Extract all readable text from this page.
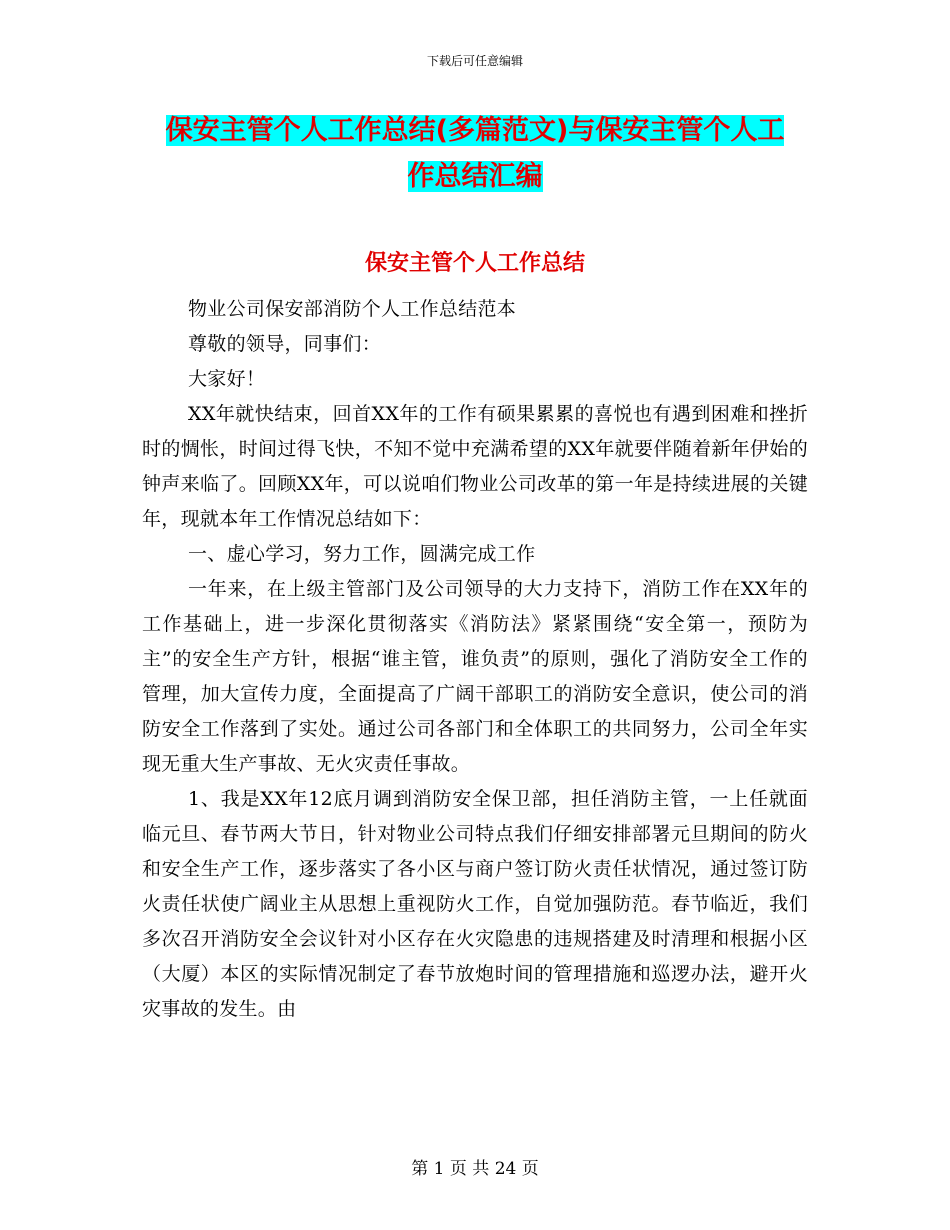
下载后可任意编辑
保安主管个人工作总结(多篇范文)与保安主管个人工
作总结汇编
保安主管个人工作总结

物业公司保安部消防个人工作总结范本

尊敬的领导，同事们：

大家好！

XX年就快结束，回首XX年的工作有硕果累累的喜悦也有遇到困难和挫折时的惆怅，时间过得飞快，不知不觉中充满希望的XX年就要伴随着新年伊始的钟声来临了。回顾XX年，可以说咱们物业公司改革的第一年是持续进展的关键年，现就本年工作情况总结如下：

一、虚心学习，努力工作，圆满完成工作

一年来，在上级主管部门及公司领导的大力支持下，消防工作在XX年的工作基础上，进一步深化贯彻落实《消防法》紧紧围绕“安全第一，预防为主”的安全生产方针，根据“谁主管，谁负责”的原则，强化了消防安全工作的管理，加大宣传力度，全面提高了广阔干部职工的消防安全意识，使公司的消防安全工作落到了实处。通过公司各部门和全体职工的共同努力，公司全年实现无重大生产事故、无火灾责任事故。

1、我是XX年12底月调到消防安全保卫部，担任消防主管，一上任就面临元旦、春节两大节日，针对物业公司特点我们仔细安排部署元旦期间的防火和安全生产工作，逐步落实了各小区与商户签订防火责任状情况，通过签订防火责任状使广阔业主从思想上重视防火工作，自觉加强防范。春节临近，我们多次召开消防安全会议针对小区存在火灾隐患的违规搭建及时清理和根据小区（大厦）本区的实际情况制定了春节放炮时间的管理措施和巡逻办法，避开火灾事故的发生。由

第 1 页 共 24 页
